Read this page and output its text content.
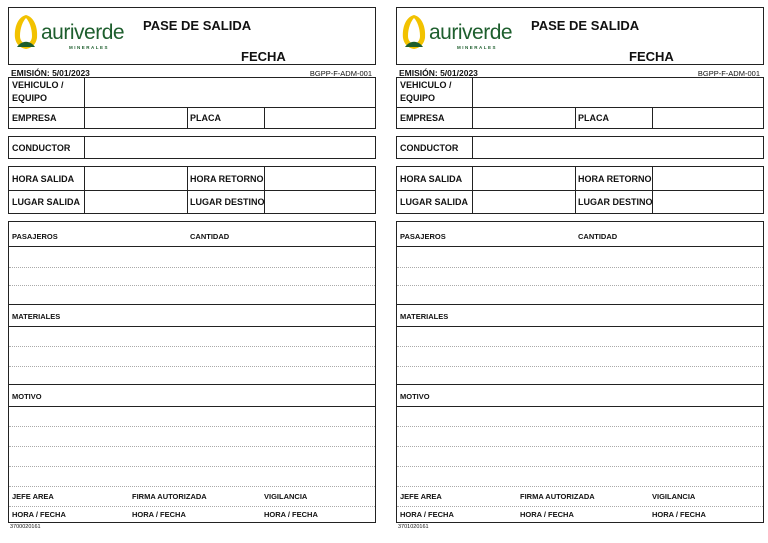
auriverde
MINERALES
PASE DE SALIDA
FECHA
EMISIÓN: 5/01/2023	BGPP-F-ADM-001
VEHICULO /
EQUIPO
EMPRESA	PLACA
CONDUCTOR
HORA SALIDA	HORA RETORNO
LUGAR SALIDA	LUGAR DESTINO
PASAJEROS	CANTIDAD
MATERIALES
MOTIVO
JEFE AREA	FIRMA AUTORIZADA	VIGILANCIA
HORA / FECHA	HORA / FECHA	HORA / FECHA
3700020161
auriverde
MINERALES
PASE DE SALIDA
FECHA
EMISIÓN: 5/01/2023	BGPP-F-ADM-001
VEHICULO /
EQUIPO
EMPRESA	PLACA
CONDUCTOR
HORA SALIDA	HORA RETORNO
LUGAR SALIDA	LUGAR DESTINO
PASAJEROS	CANTIDAD
MATERIALES
MOTIVO
JEFE AREA	FIRMA AUTORIZADA	VIGILANCIA
HORA / FECHA	HORA / FECHA	HORA / FECHA
3701020161
